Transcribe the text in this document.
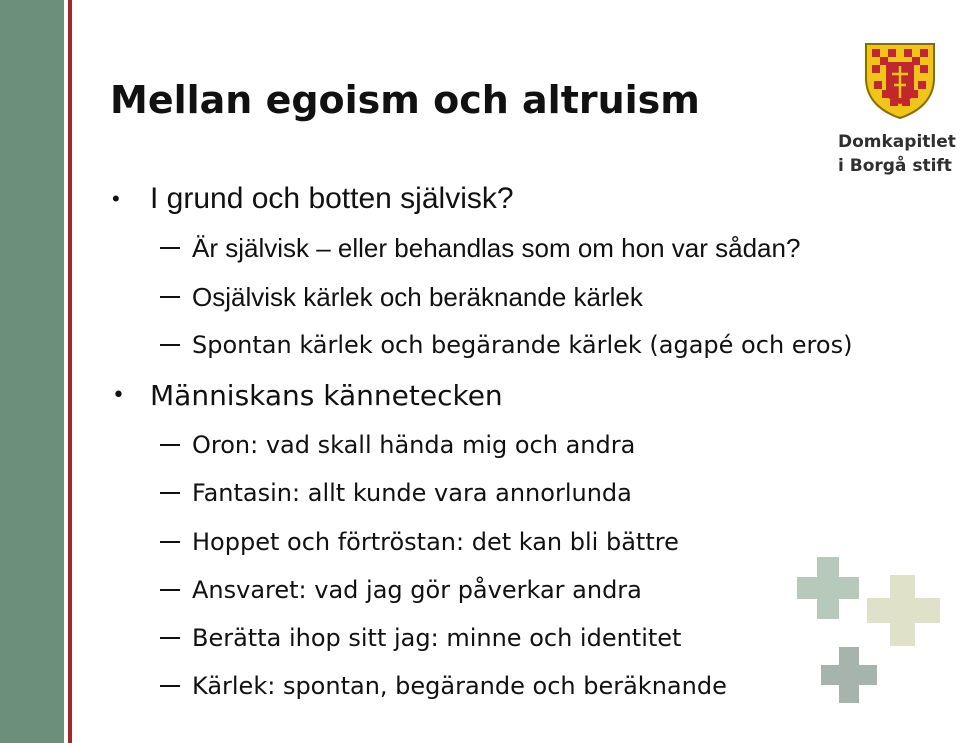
Mellan egoism och altruism
• I grund och botten självisk?
Är självisk – eller behandlas som om hon var sådan?
Osjälvisk kärlek och beräknande kärlek
Spontan kärlek och begärande kärlek (agapé och eros)
• Människans kännetecken
Oron: vad skall hända mig och andra
Fantasin: allt kunde vara annorlunda
Hoppet och förtröstan: det kan bli bättre
Ansvaret: vad jag gör påverkar andra
Berätta ihop sitt jag: minne och identitet
Kärlek: spontan, begärande och beräknande
Domkapitlet
i Borgå stift
